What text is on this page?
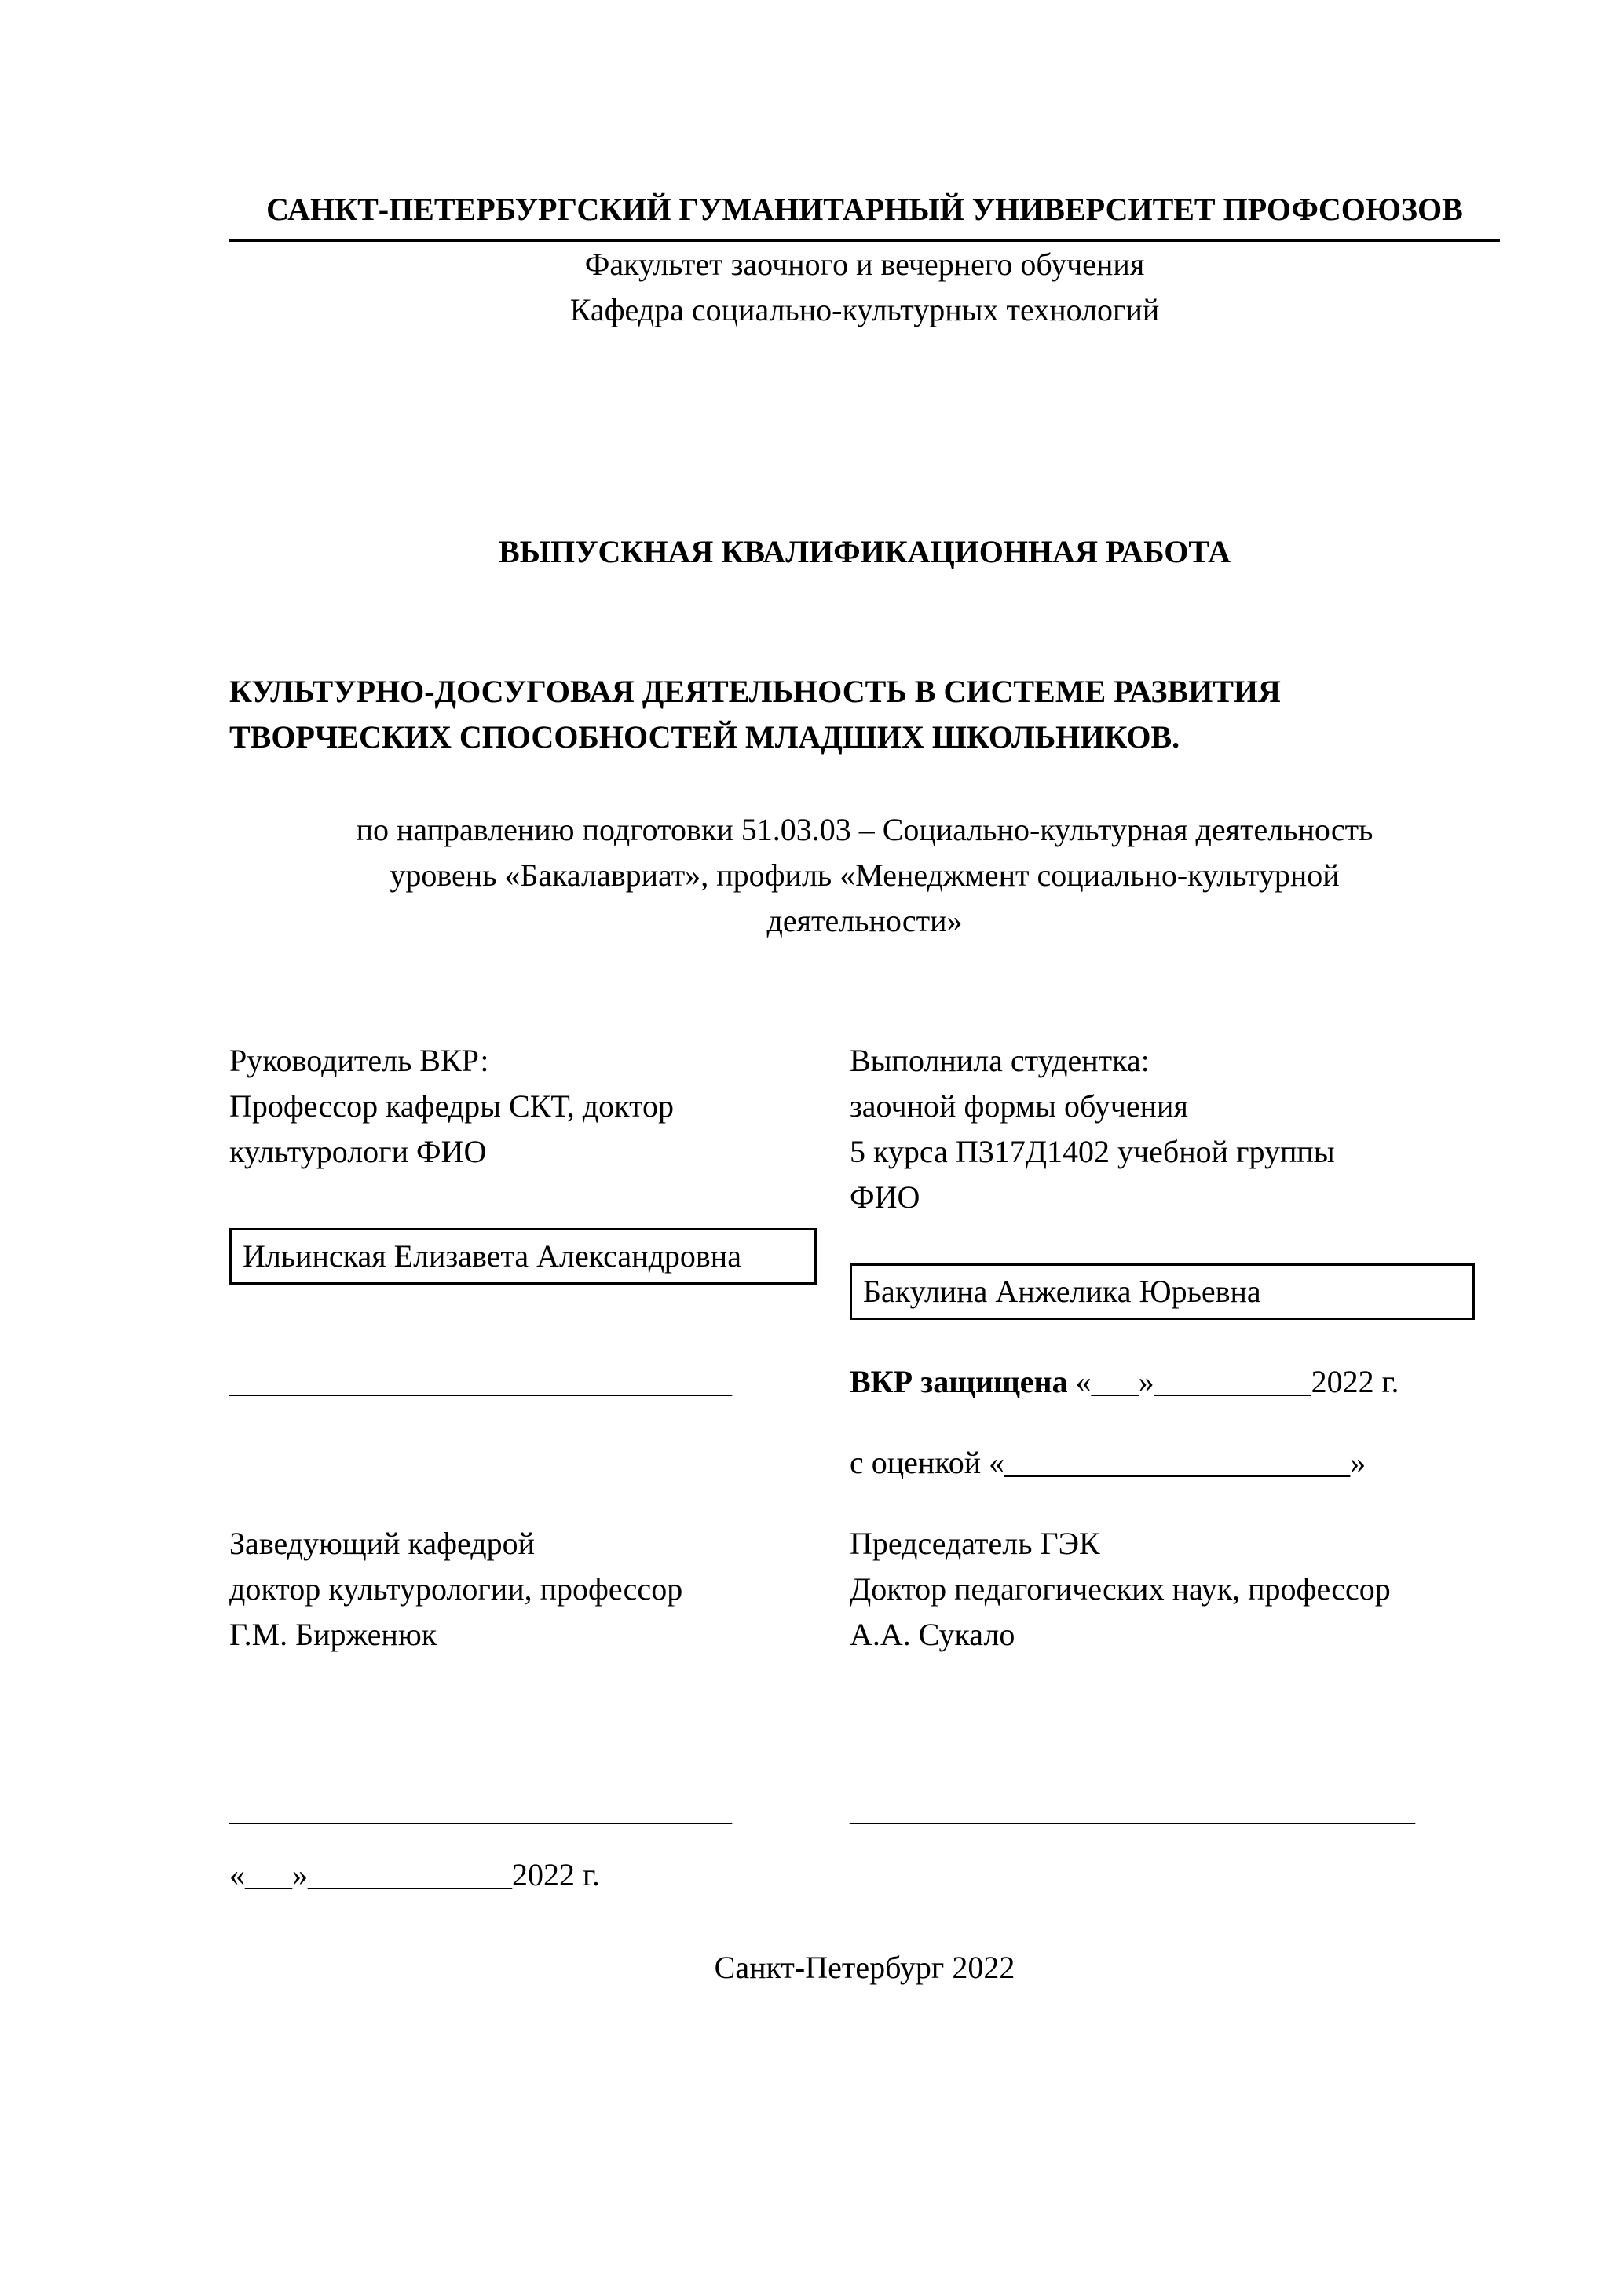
САНКТ-ПЕТЕРБУРГСКИЙ ГУМАНИТАРНЫЙ УНИВЕРСИТЕТ ПРОФСОЮЗОВ
Факультет заочного и вечернего обучения
Кафедра социально-культурных технологий
ВЫПУСКНАЯ КВАЛИФИКАЦИОННАЯ РАБОТА
КУЛЬТУРНО-ДОСУГОВАЯ ДЕЯТЕЛЬНОСТЬ В СИСТЕМЕ РАЗВИТИЯ
ТВОРЧЕСКИХ СПОСОБНОСТЕЙ МЛАДШИХ ШКОЛЬНИКОВ.
по направлению подготовки 51.03.03 – Социально-культурная деятельность
уровень «Бакалавриат», профиль «Менеджмент социально-культурной
деятельности»
Руководитель ВКР:
Профессор кафедры СКТ, доктор
культурологи ФИО
Выполнила студентка:
заочной формы обучения
5 курса П317Д1402 учебной группы
ФИО
Ильинская Елизавета Александровна
Бакулина Анжелика Юрьевна
________________________________	ВКР защищена «___»__________2022 г.
с оценкой «______________________»
Заведующий кафедрой
доктор культурологии, профессор
Г.М. Бирженюк
Председатель ГЭК
Доктор педагогических наук, профессор
А.А. Сукало
________________________________	____________________________________
«___»_____________2022 г.
Санкт-Петербург 2022
